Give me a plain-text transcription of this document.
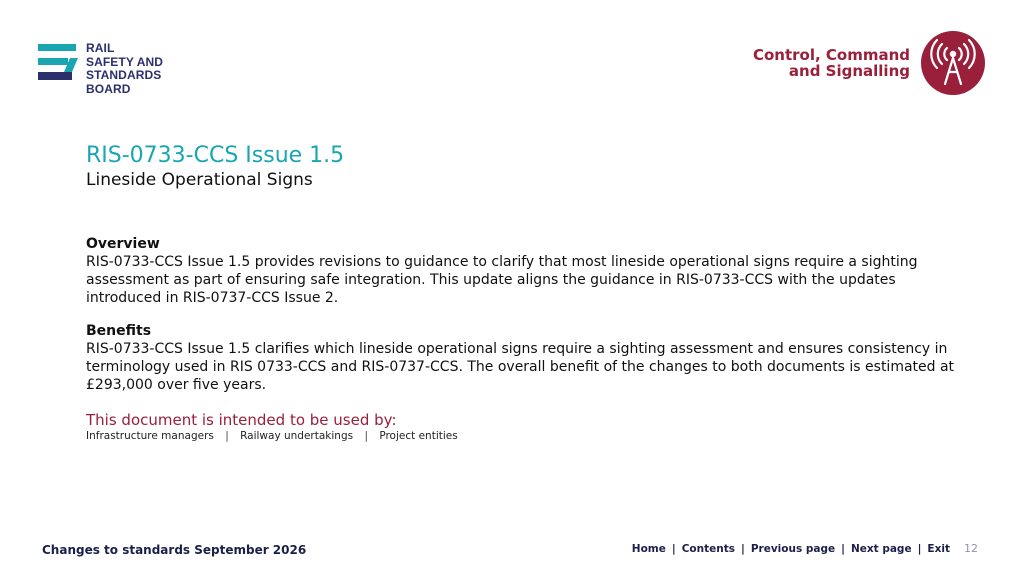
RAIL
SAFETY AND
STANDARDS
BOARD
Control, Command
and Signalling
RIS-0733-CCS Issue 1.5
Lineside Operational Signs
Overview

RIS-0733-CCS Issue 1.5 provides revisions to guidance to clarify that most lineside operational signs require a sighting assessment as part of ensuring safe integration. This update aligns the guidance in RIS-0733-CCS with the updates introduced in RIS-0737-CCS Issue 2.

Benefits

RIS-0733-CCS Issue 1.5 clarifies which lineside operational signs require a sighting assessment and ensures consistency in terminology used in RIS 0733-CCS and RIS-0737-CCS. The overall benefit of the changes to both documents is estimated at £293,000 over five years.

This document is intended to be used by:
Infrastructure managers | Railway undertakings | Project entities
Changes to standards September 2026	Home | Contents | Previous page | Next page | Exit 12
